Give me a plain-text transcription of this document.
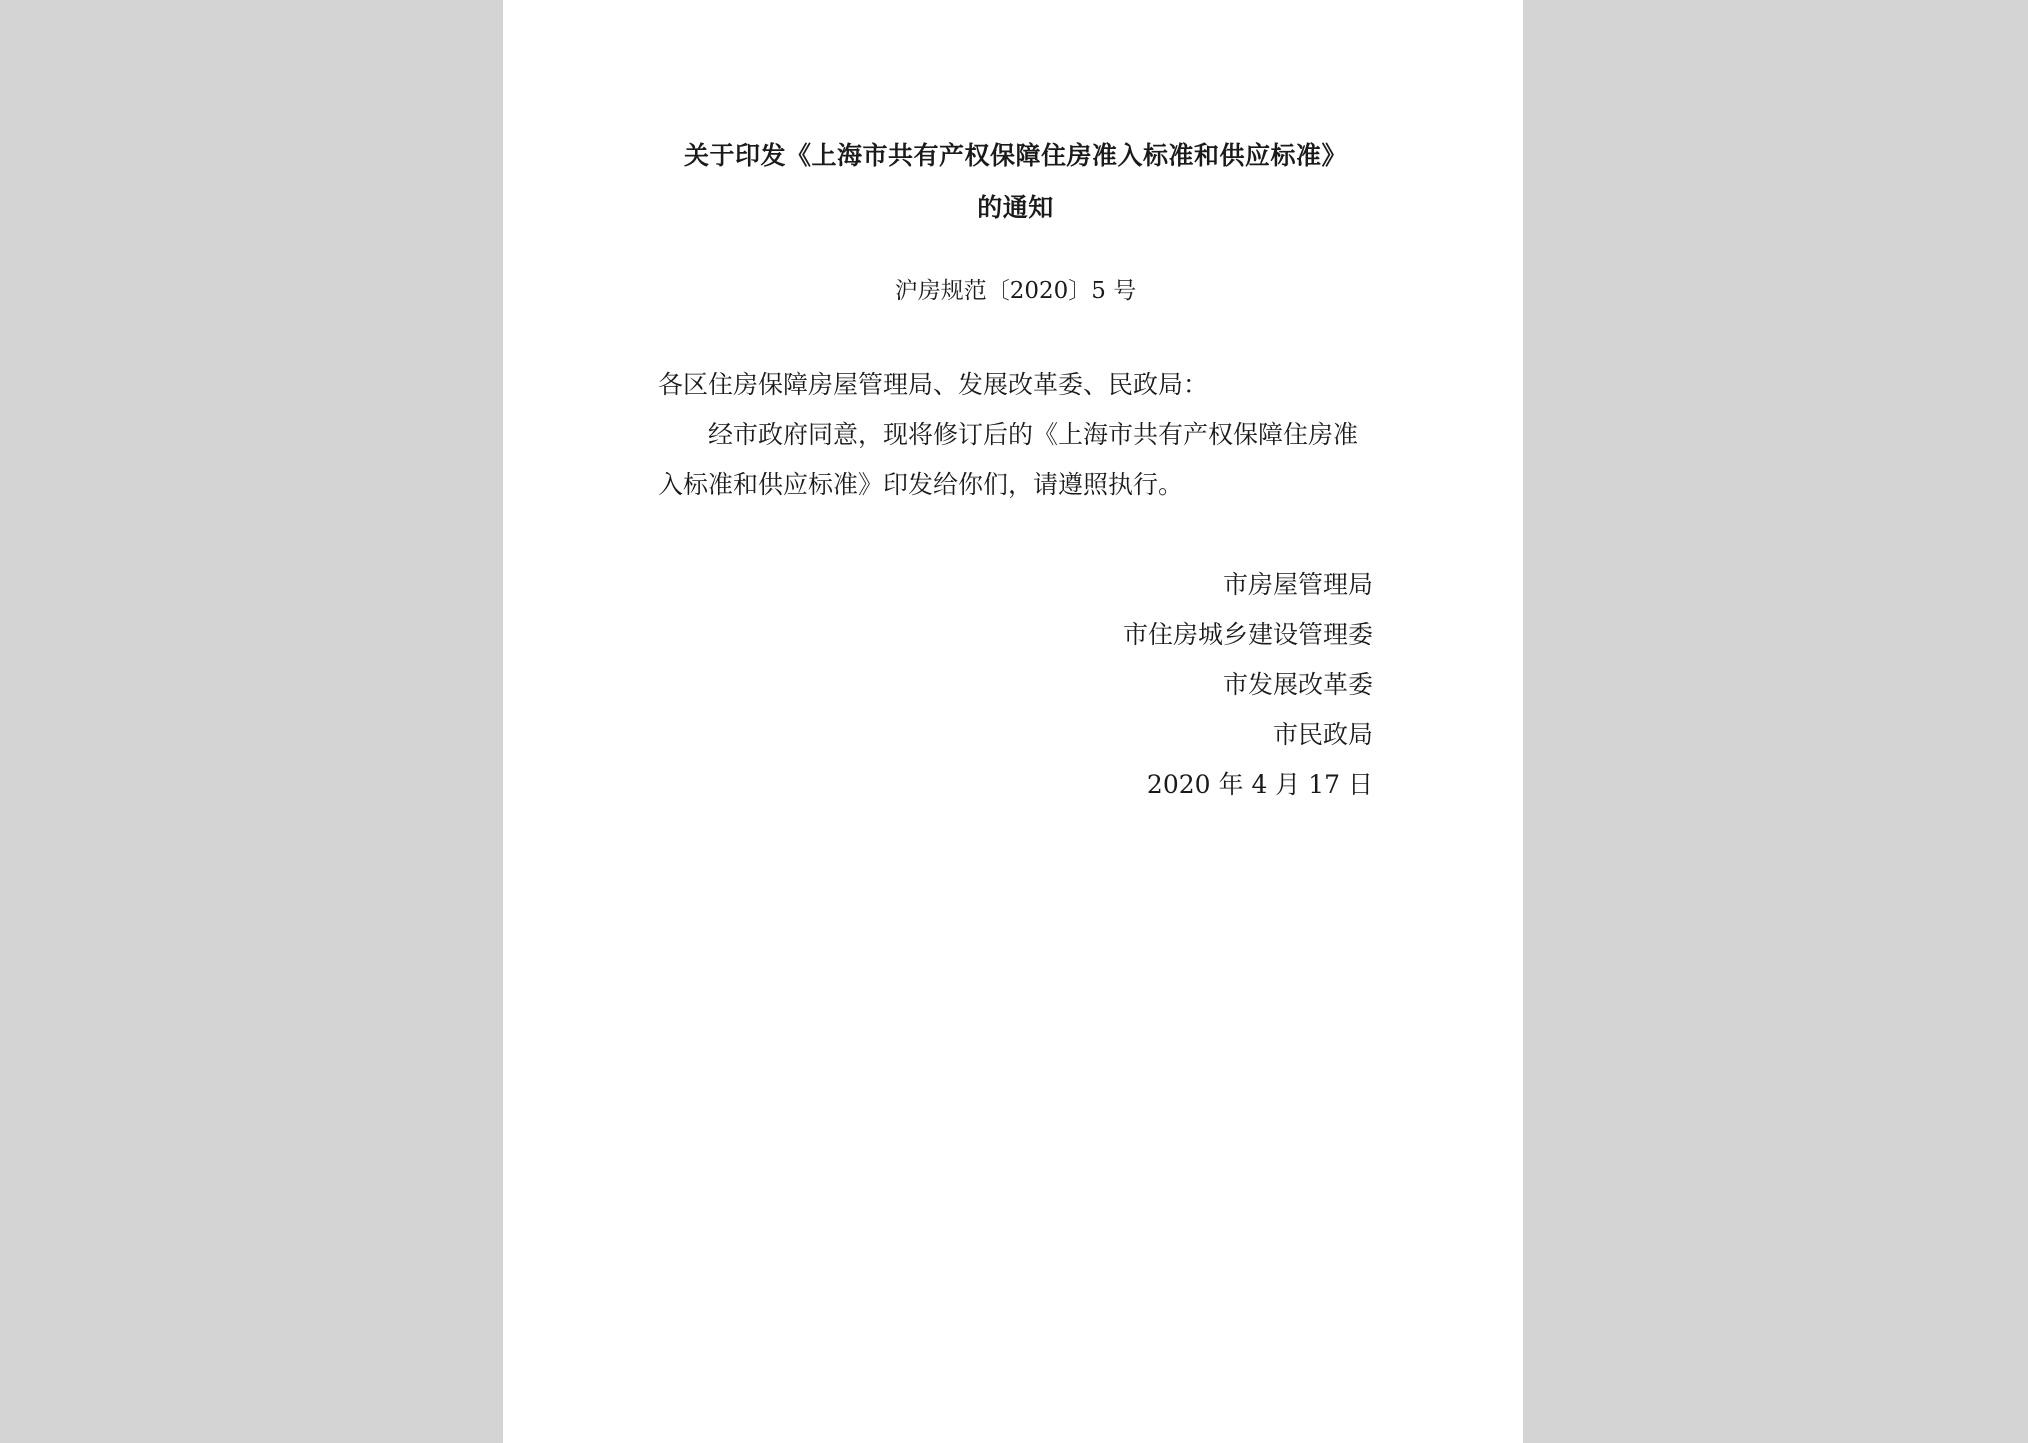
关于印发《上海市共有产权保障住房准入标准和供应标准》
的通知
沪房规范〔2020〕5 号
各区住房保障房屋管理局、发展改革委、民政局：

经市政府同意，现将修订后的《上海市共有产权保障住房准入标准和供应标准》印发给你们，请遵照执行。

市房屋管理局
市住房城乡建设管理委
市发展改革委
市民政局
2020 年 4 月 17 日
